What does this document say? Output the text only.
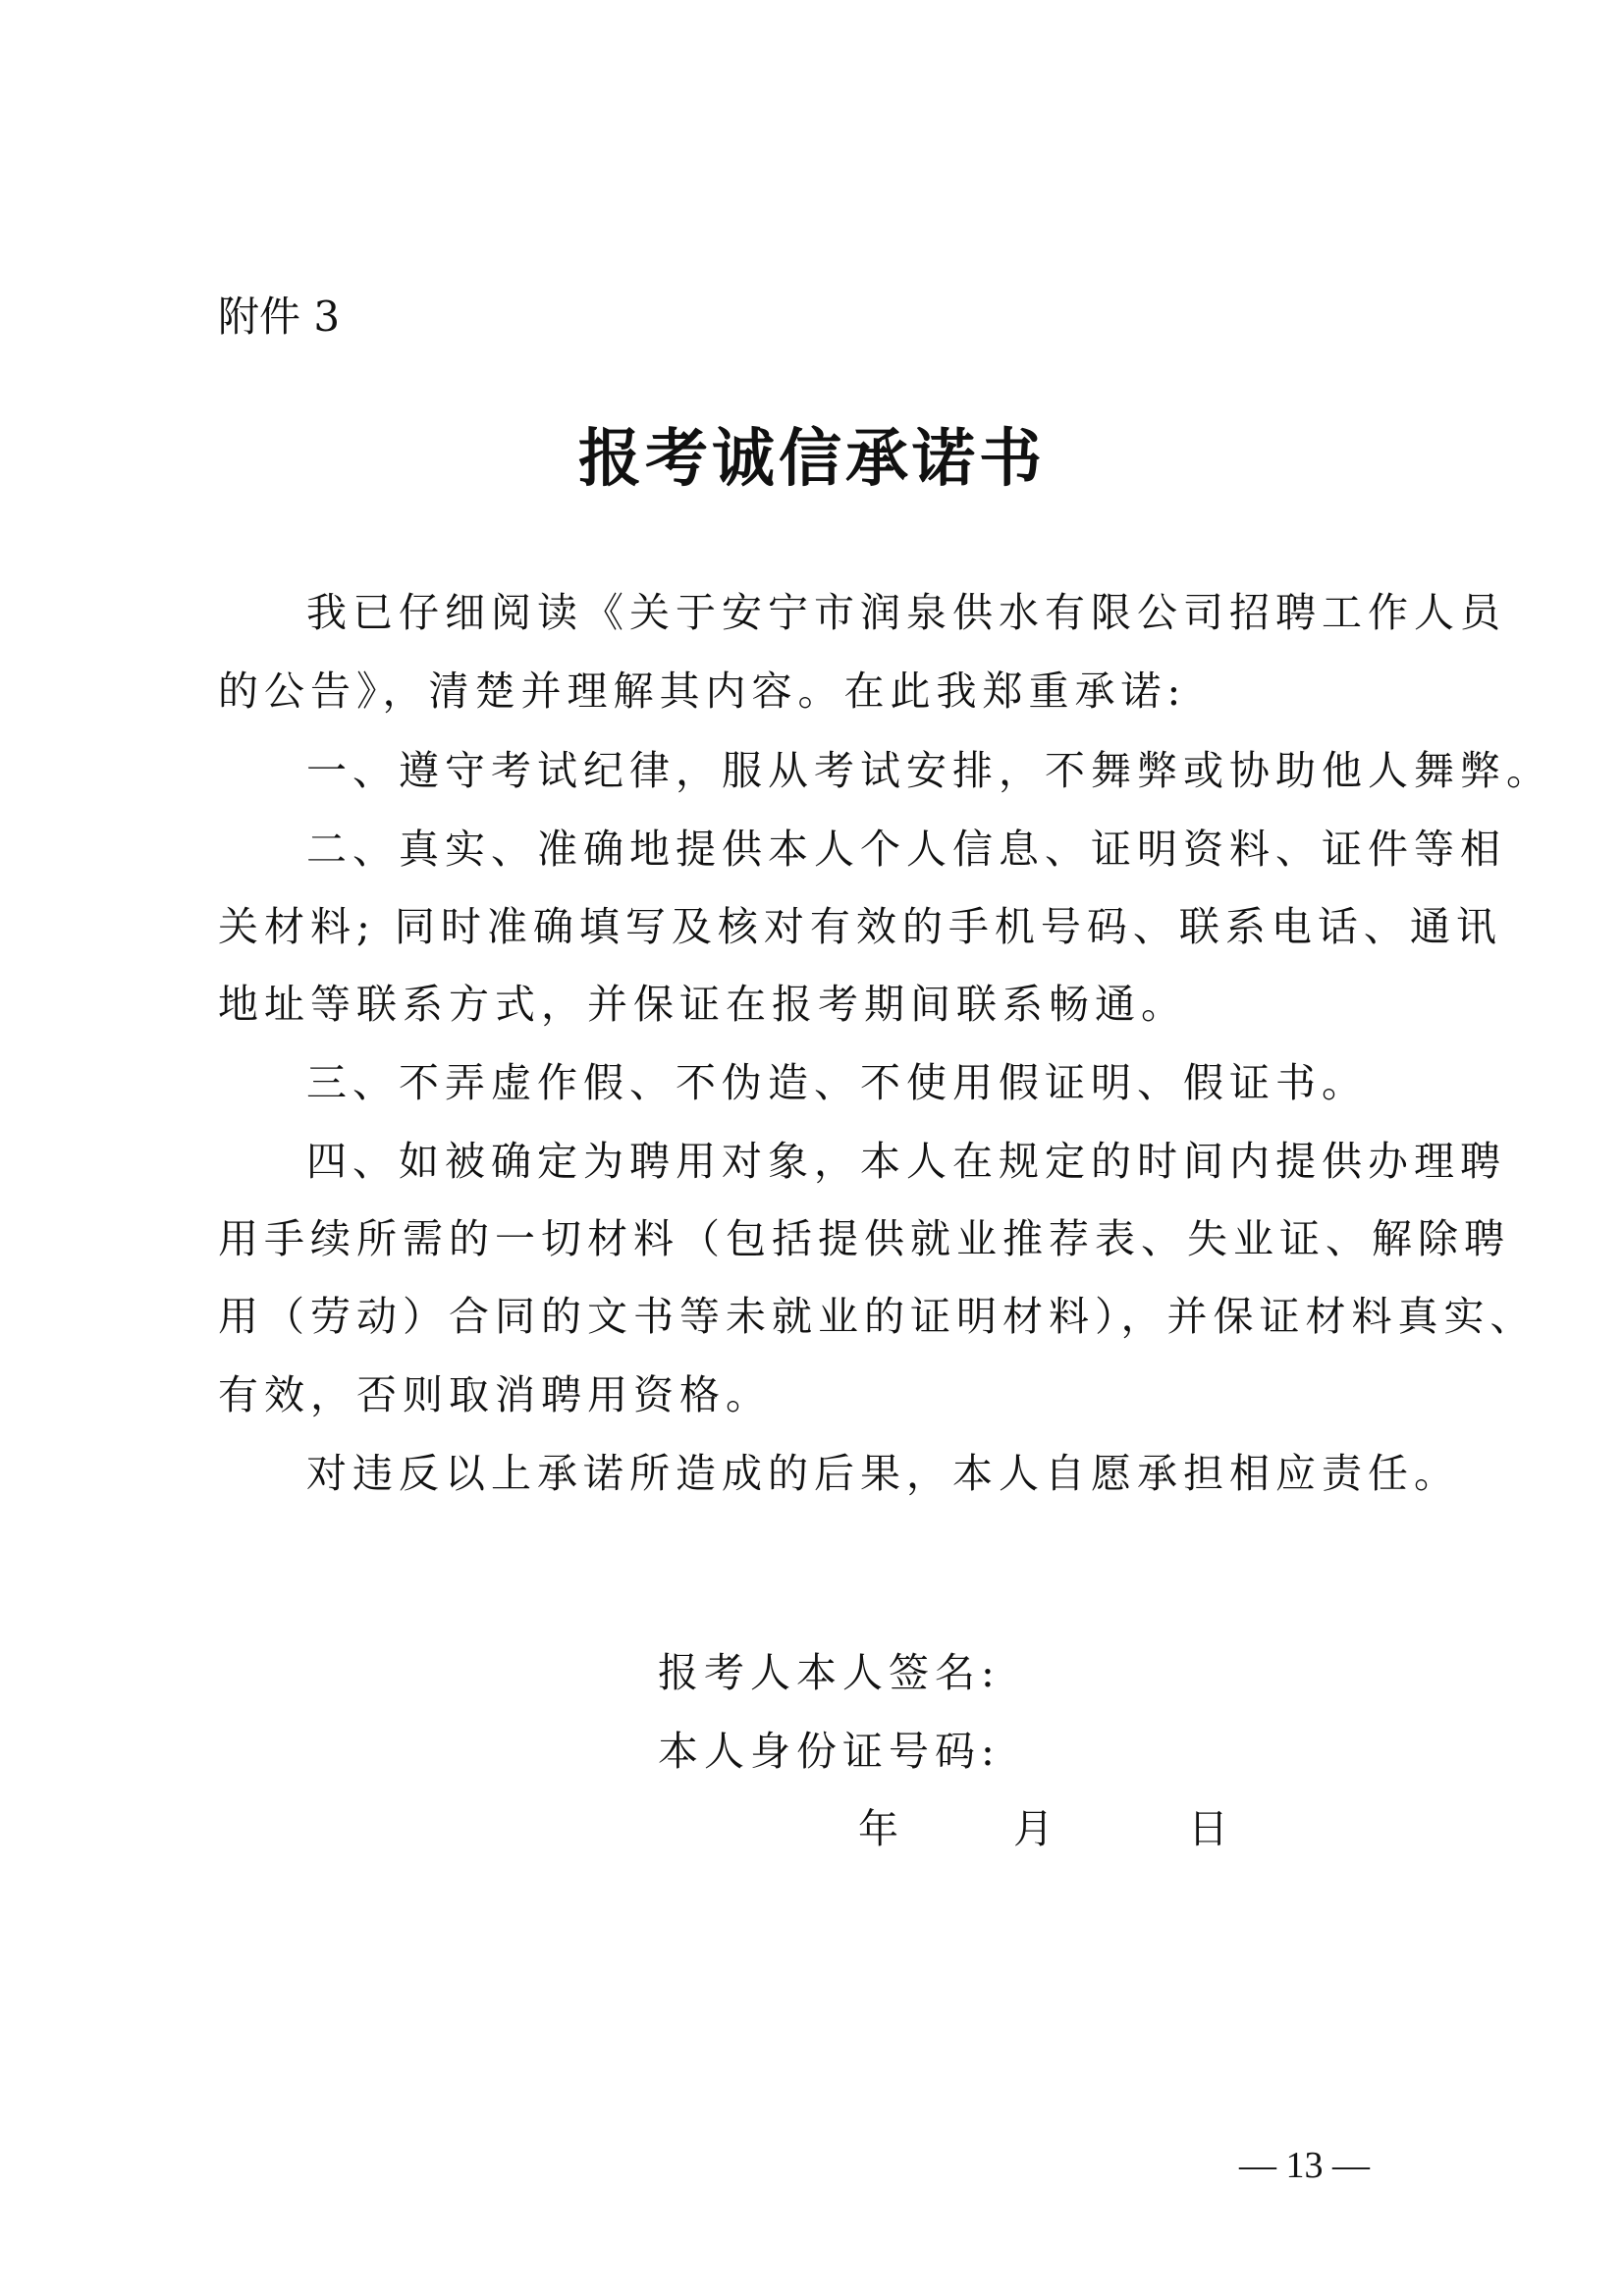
附件 3
报考诚信承诺书
我已仔细阅读《关于安宁市润泉供水有限公司招聘工作人员
的公告》，清楚并理解其内容。在此我郑重承诺:
一、遵守考试纪律，服从考试安排，不舞弊或协助他人舞弊。
二、真实、准确地提供本人个人信息、证明资料、证件等相
关材料; 同时准确填写及核对有效的手机号码、联系电话、通讯
地址等联系方式，并保证在报考期间联系畅通。
三、不弄虚作假、不伪造、不使用假证明、假证书。
四、如被确定为聘用对象，本人在规定的时间内提供办理聘
用手续所需的一切材料（包括提供就业推荐表、失业证、解除聘
用（劳动）合同的文书等未就业的证明材料），并保证材料真实、
有效，否则取消聘用资格。
对违反以上承诺所造成的后果，本人自愿承担相应责任。
报考人本人签名:
本人身份证号码:
年	月	日
— 13 —
